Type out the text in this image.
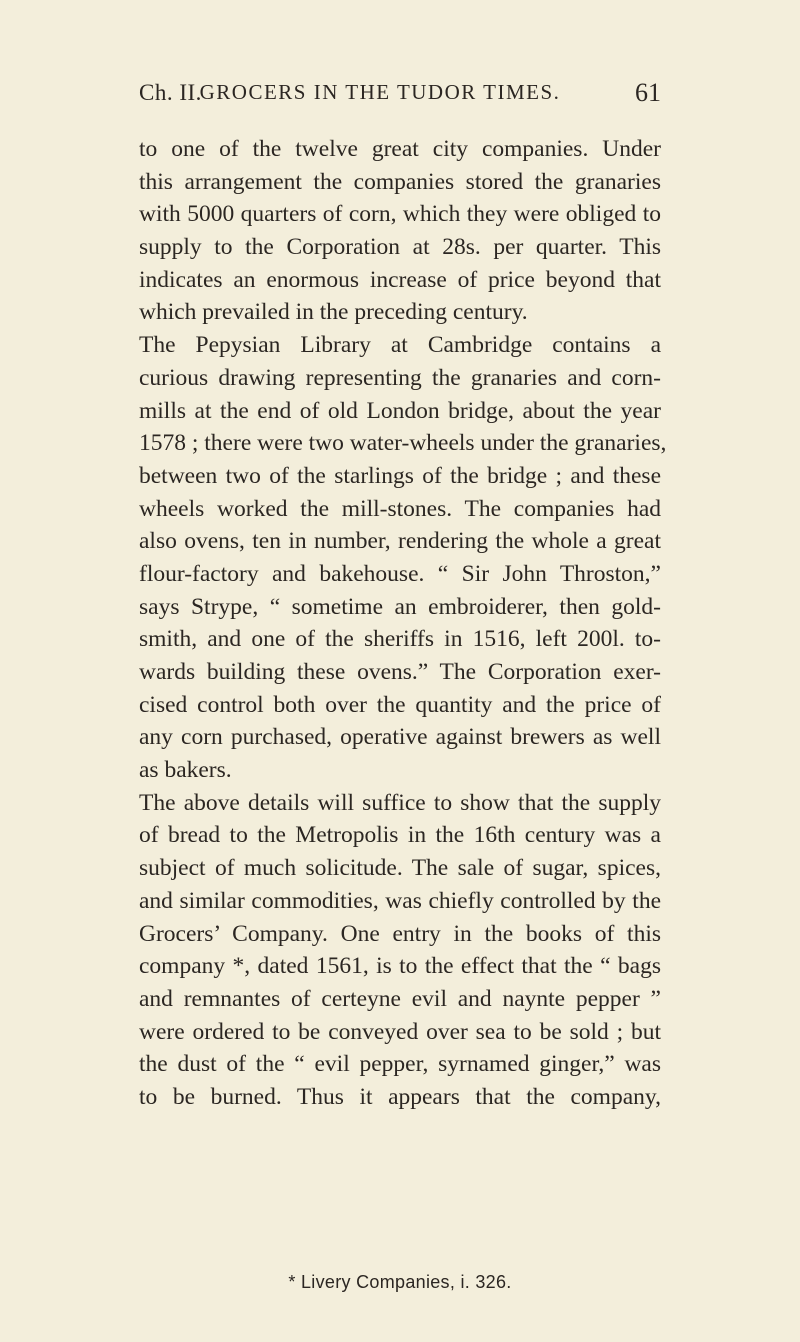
Ch. II.
GROCERS IN THE TUDOR TIMES.	61
to one of the twelve great city companies. Under
this arrangement the companies stored the granaries
with 5000 quarters of corn, which they were obliged to
supply to the Corporation at 28s. per quarter. This
indicates an enormous increase of price beyond that
which prevailed in the preceding century.
The Pepysian Library at Cambridge contains a
curious drawing representing the granaries and corn-
mills at the end of old London bridge, about the year
1578 ; there were two water-wheels under the granaries,
between two of the starlings of the bridge ; and these
wheels worked the mill-stones. The companies had
also ovens, ten in number, rendering the whole a great
flour-factory and bakehouse. “ Sir John Throston,”
says Strype, “ sometime an embroiderer, then gold-
smith, and one of the sheriffs in 1516, left 200l. to-
wards building these ovens.” The Corporation exer-
cised control both over the quantity and the price of
any corn purchased, operative against brewers as well
as bakers.
The above details will suffice to show that the supply
of bread to the Metropolis in the 16th century was a
subject of much solicitude. The sale of sugar, spices,
and similar commodities, was chiefly controlled by the
Grocers’ Company. One entry in the books of this
company *, dated 1561, is to the effect that the “ bags
and remnantes of certeyne evil and naynte pepper ”
were ordered to be conveyed over sea to be sold ; but
the dust of the “ evil pepper, syrnamed ginger,” was
to be burned. Thus it appears that the company,
* Livery Companies, i. 326.
